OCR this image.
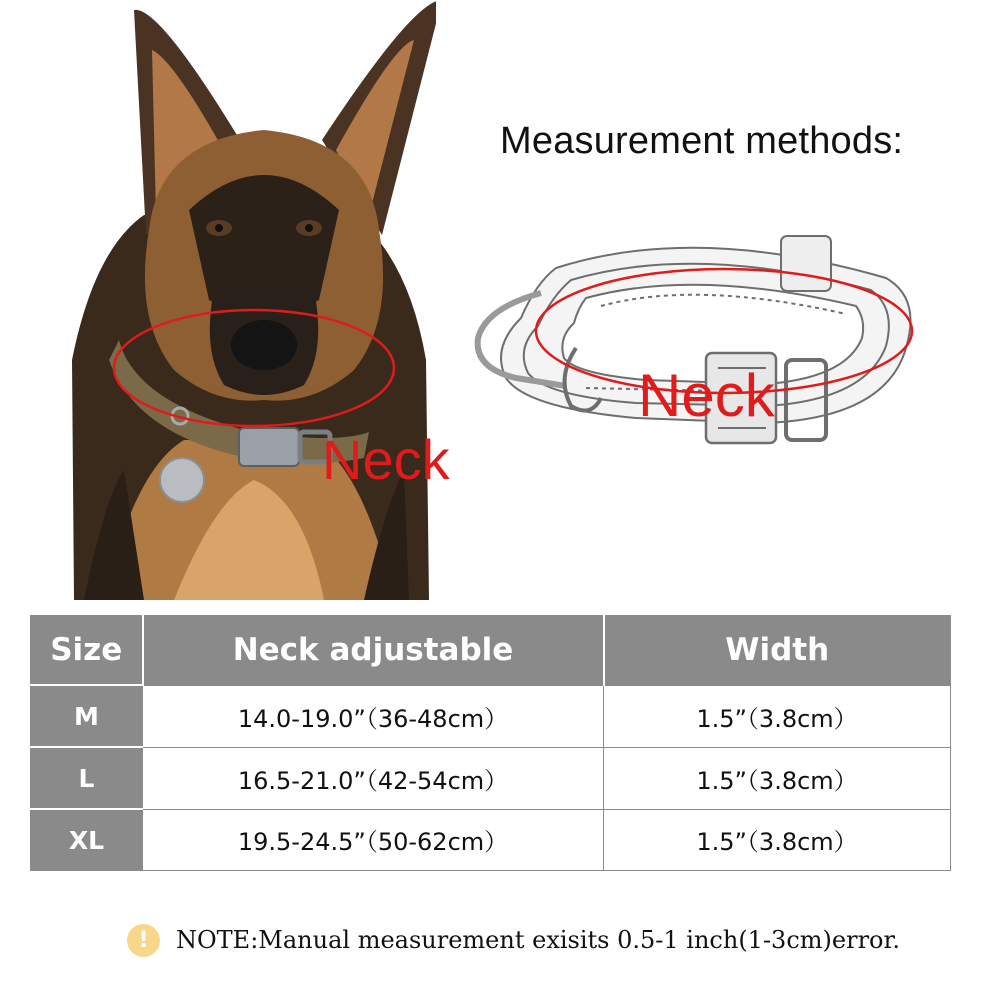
Neck
Measurement methods:
Neck
Size	Neck adjustable	Width
M	14.0-19.0”（36-48cm）	1.5”（3.8cm）
L	16.5-21.0”（42-54cm）	1.5”（3.8cm）
XL	19.5-24.5”（50-62cm）	1.5”（3.8cm）
!	NOTE:Manual measurement exisits 0.5-1 inch(1-3cm)error.
